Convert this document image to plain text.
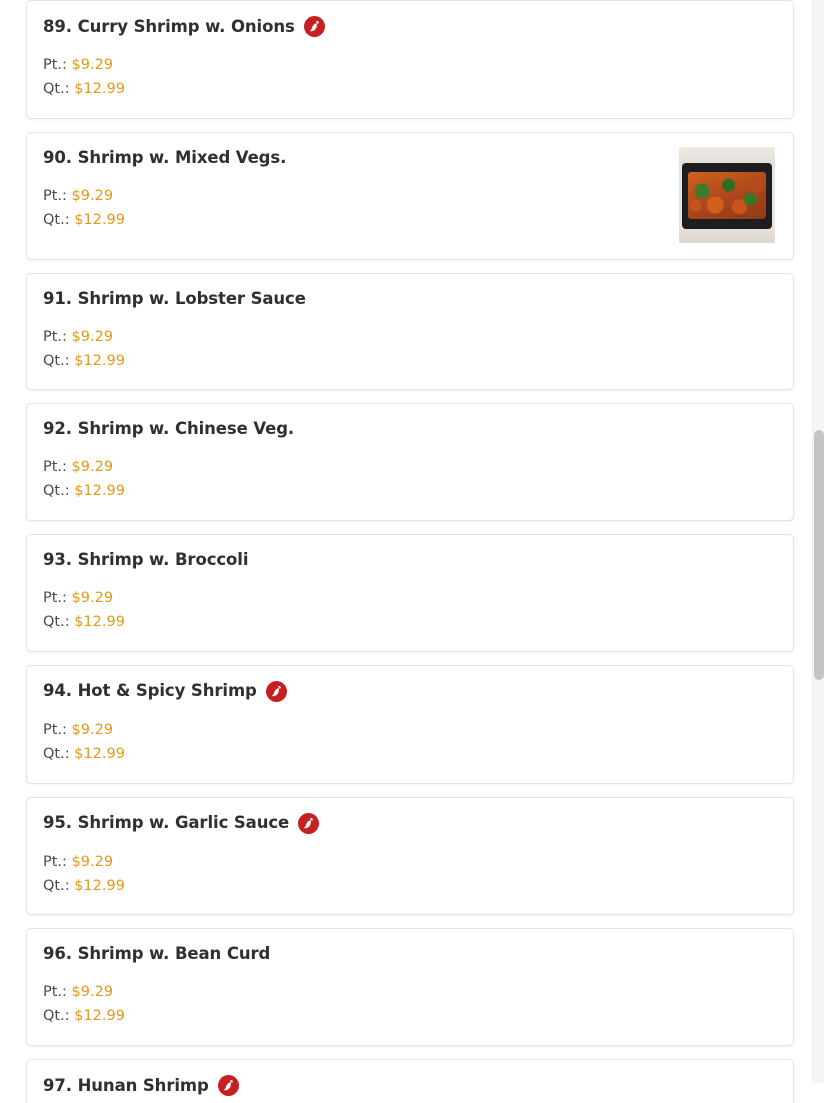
89. Curry Shrimp w. Onions
Pt.: $9.29
Qt.: $12.99
90. Shrimp w. Mixed Vegs.
Pt.: $9.29
Qt.: $12.99
91. Shrimp w. Lobster Sauce
Pt.: $9.29
Qt.: $12.99
92. Shrimp w. Chinese Veg.
Pt.: $9.29
Qt.: $12.99
93. Shrimp w. Broccoli
Pt.: $9.29
Qt.: $12.99
94. Hot & Spicy Shrimp
Pt.: $9.29
Qt.: $12.99
95. Shrimp w. Garlic Sauce
Pt.: $9.29
Qt.: $12.99
96. Shrimp w. Bean Curd
Pt.: $9.29
Qt.: $12.99
97. Hunan Shrimp
